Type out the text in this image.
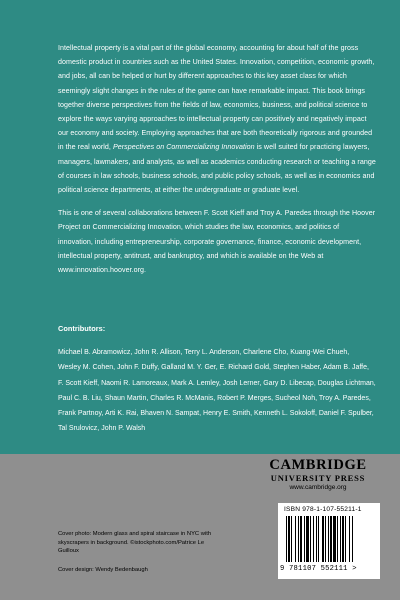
Intellectual property is a vital part of the global economy, accounting for about half of the gross domestic product in countries such as the United States. Innovation, competition, economic growth, and jobs, all can be helped or hurt by different approaches to this key asset class for which seemingly slight changes in the rules of the game can have remarkable impact. This book brings together diverse perspectives from the fields of law, economics, business, and political science to explore the ways varying approaches to intellectual property can positively and negatively impact our economy and society. Employing approaches that are both theoretically rigorous and grounded in the real world, Perspectives on Commercializing Innovation is well suited for practicing lawyers, managers, lawmakers, and analysts, as well as academics conducting research or teaching a range of courses in law schools, business schools, and public policy schools, as well as in economics and political science departments, at either the undergraduate or graduate level.

This is one of several collaborations between F. Scott Kieff and Troy A. Paredes through the Hoover Project on Commercializing Innovation, which studies the law, economics, and politics of innovation, including entrepreneurship, corporate governance, finance, economic development, intellectual property, antitrust, and bankruptcy, and which is available on the Web at www.innovation.hoover.org.

Contributors:
Michael B. Abramowicz, John R. Allison, Terry L. Anderson, Charlene Cho, Kuang-Wei Chueh, Wesley M. Cohen, John F. Duffy, Galland M. Y. Ger, E. Richard Gold, Stephen Haber, Adam B. Jaffe, F. Scott Kieff, Naomi R. Lamoreaux, Mark A. Lemley, Josh Lerner, Gary D. Libecap, Douglas Lichtman, Paul C. B. Liu, Shaun Martin, Charles R. McManis, Robert P. Merges, Sucheol Noh, Troy A. Paredes, Frank Partnoy, Arti K. Rai, Bhaven N. Sampat, Henry E. Smith, Kenneth L. Sokoloff, Daniel F. Spulber, Tal Srulovicz, John P. Walsh
CAMBRIDGE
UNIVERSITY PRESS
www.cambridge.org
ISBN 978-1-107-55211-1
9 781107 552111 >
Cover photo: Modern glass and spiral staircase in NYC with skyscrapers in background. ©istockphoto.com/Patrice Le Guilloux
Cover design: Wendy Bedenbaugh
